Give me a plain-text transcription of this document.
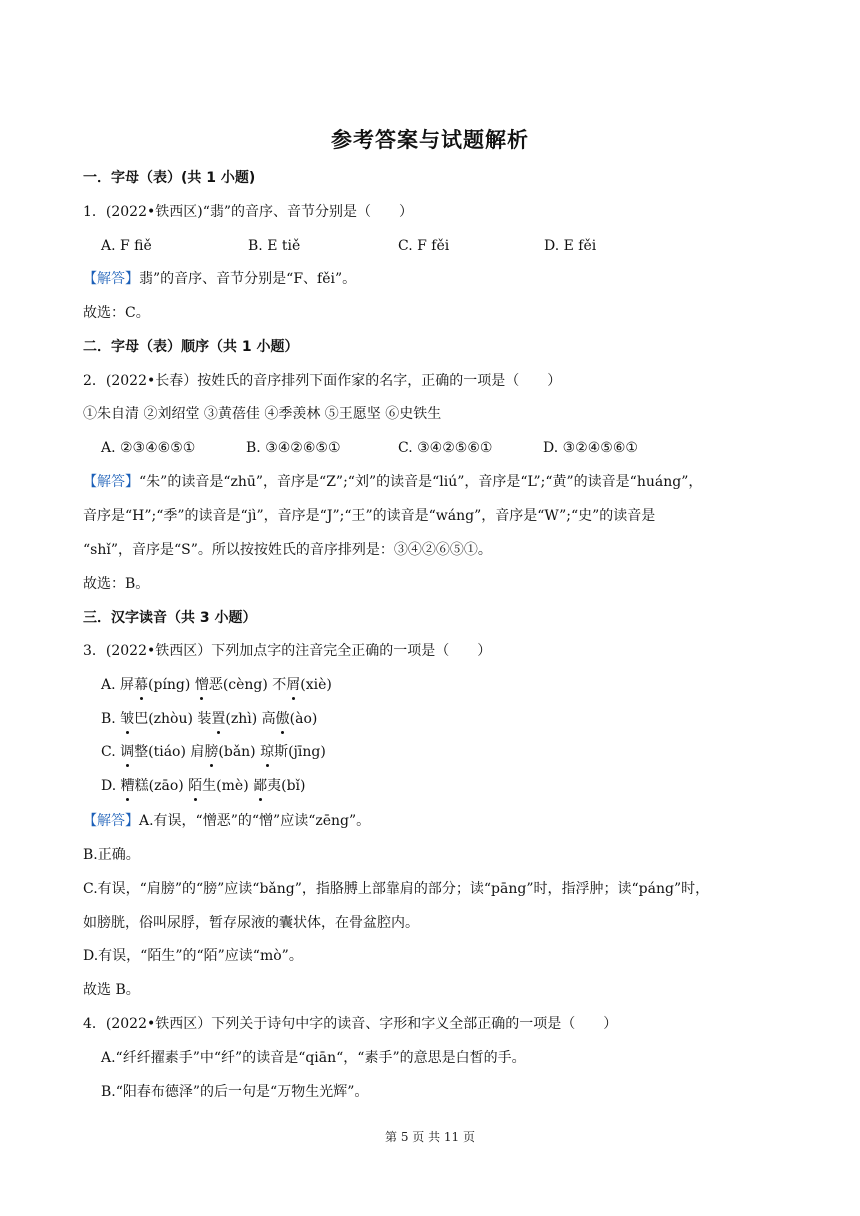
参考答案与试题解析
一．字母（表）(共 1 小题)
1．(2022•铁西区)“翡”的音序、音节分别是（　　）
A. F fiě	B. E tiě	C. F fěi	D. E fěi
【解答】翡”的音序、音节分别是“F、fěi”。
故选：C。
二．字母（表）顺序（共 1 小题）
2．(2022•长春）按姓氏的音序排列下面作家的名字，正确的一项是（　　）
①朱自清 ②刘绍堂 ③黄蓓佳 ④季羡林 ⑤王愿坚 ⑥史铁生
A. ②③④⑥⑤①	B. ③④②⑥⑤①	C. ③④②⑤⑥①	D. ③②④⑤⑥①
【解答】“朱”的读音是“zhū”，音序是“Z”;“刘”的读音是“liú”，音序是“L”;“黄”的读音是“huáng”，
音序是“H”;“季”的读音是“jì”，音序是“J”;“王”的读音是“wáng”，音序是“W”;“史”的读音是
“shǐ”，音序是“S”。所以按按姓氏的音序排列是：③④②⑥⑤①。
故选：B。
三．汉字读音（共 3 小题）
3．(2022•铁西区）下列加点字的注音完全正确的一项是（　　）
A. 屏幕(píng) 憎恶(cèng) 不屑(xiè)
B. 皱巴(zhòu) 装置(zhì) 高傲(ào)
C. 调整(tiáo) 肩膀(bǎn) 琼斯(jīng)
D. 糟糕(zāo) 陌生(mè) 鄙夷(bǐ)
【解答】A.有误，“憎恶”的“憎”应读“zēng”。
B.正确。
C.有误，“肩膀”的“膀”应读“bǎng”，指胳膊上部靠肩的部分；读“pāng”时，指浮肿；读“páng”时，
如膀胱，俗叫尿脬，暂存尿液的囊状体，在骨盆腔内。
D.有误，“陌生”的“陌”应读“mò”。
故选 B。
4．(2022•铁西区）下列关于诗句中字的读音、字形和字义全部正确的一项是（　　）
A.“纤纤擢素手”中“纤”的读音是“qiān“，“素手”的意思是白皙的手。
B.“阳春布德泽”的后一句是“万物生光辉”。
第 5 页 共 11 页
